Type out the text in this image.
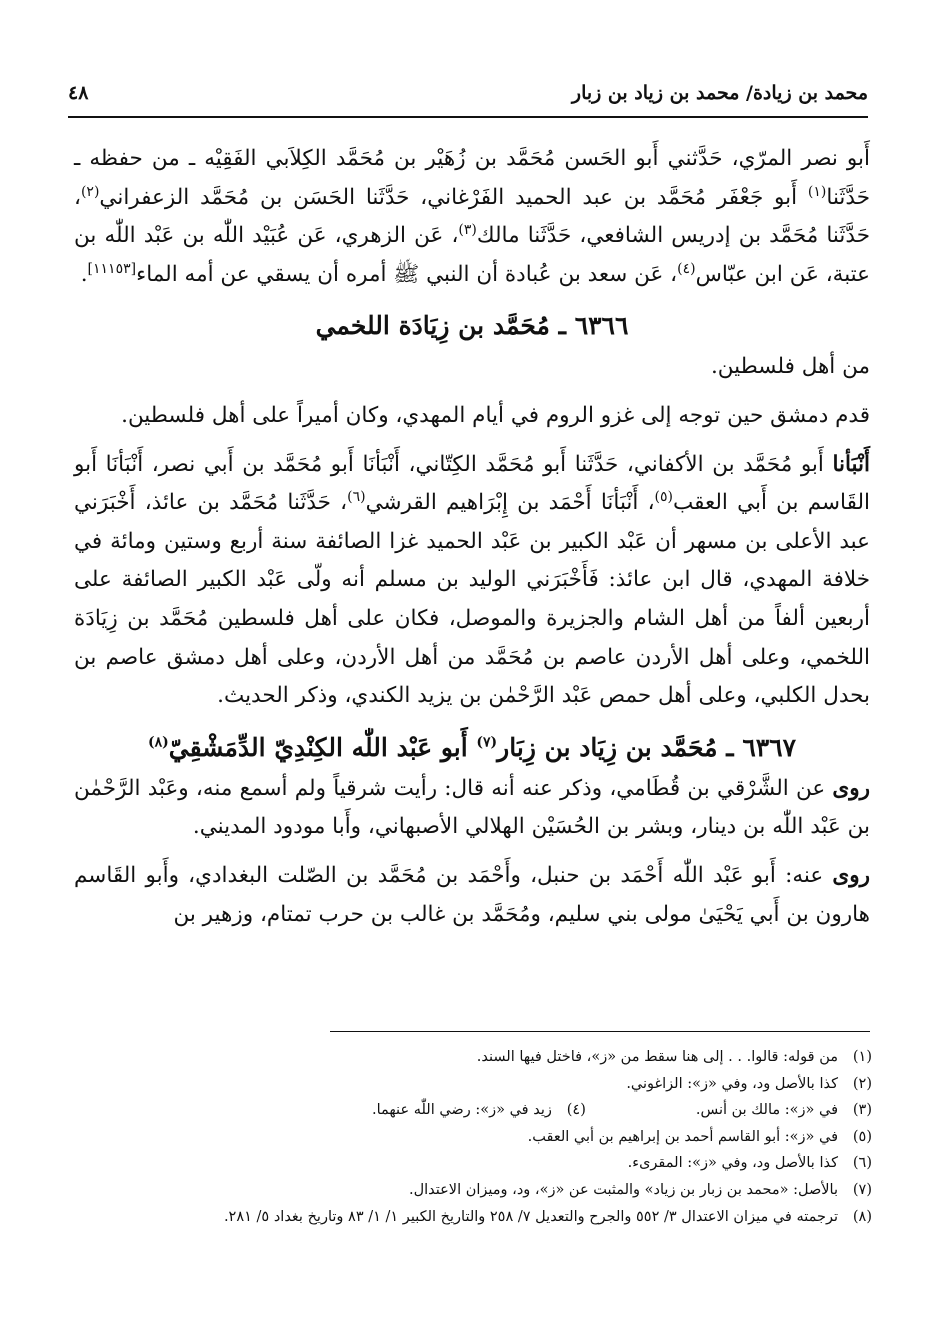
محمد بن زيادة/ محمد بن زياد بن زبار
٤٨

أَبو نصر المرّي، حَدَّثني أَبو الحَسن مُحَمَّد بن زُهَيْر بن مُحَمَّد الكِلاَبي الفَقِيْه ـ من حفظه ـ حَدَّثَنا$^{(١)}$ أَبو جَعْفَر مُحَمَّد بن عبد الحميد الفَرْغاني، حَدَّثَنا الحَسَن بن مُحَمَّد الزعفراني$^{(٢)}$، حَدَّثَنا مُحَمَّد بن إدريس الشافعي، حَدَّثَنا مالك$^{(٣)}$، عَن الزهري، عَن عُبَيْد اللّٰه بن عَبْد اللّٰه بن عتبة، عَن ابن عبّاس$^{(٤)}$، عَن سعد بن عُبادة أن النبي ﷺ أمره أن يسقي عن أمه الماء[١١١٥٣].

٦٣٦٦ ـ مُحَمَّد بن زِيَادَة اللخمي

من أهل فلسطين.

قدم دمشق حين توجه إلى غزو الروم في أيام المهدي، وكان أميراً على أهل فلسطين.

أَنْبَأنا أَبو مُحَمَّد بن الأكفاني، حَدَّثَنا أَبو مُحَمَّد الكِتّاني، أَنْبَأنَا أَبو مُحَمَّد بن أَبي نصر، أَنْبَأنَا أَبو القَاسم بن أَبي العقب$^{(٥)}$، أَنْبَأنَا أَحْمَد بن إِبْرَاهيم القرشي$^{(٦)}$، حَدَّثَنا مُحَمَّد بن عائذ، أَخْبَرَني عبد الأعلى بن مسهر أن عَبْد الكبير بن عَبْد الحميد غزا الصائفة سنة أربع وستين ومائة في خلافة المهدي، قال ابن عائذ: فَأَخْبَرَني الوليد بن مسلم أنه ولّى عَبْد الكبير الصائفة على أربعين ألفاً من أهل الشام والجزيرة والموصل، فكان على أهل فلسطين مُحَمَّد بن زِيَادَة اللخمي، وعلى أهل الأردن عاصم بن مُحَمَّد من أهل الأردن، وعلى أهل دمشق عاصم بن بحدل الكلبي، وعلى أهل حمص عَبْد الرَّحْمٰن بن يزيد الكندي، وذكر الحديث.

٦٣٦٧ ـ مُحَمَّد بن زِيَاد بن زِبَار$^{(٧)}$ أَبو عَبْد اللّٰه الكِنْدِيّ الدِّمَشْقِيّ$^{(٨)}$

روى عن الشَّرْقي بن قُطَامي، وذكر عنه أنه قال: رأيت شرقياً ولم أسمع منه، وعَبْد الرَّحْمٰن بن عَبْد اللّٰه بن دينار، وبشر بن الحُسَيْن الهلالي الأصبهاني، وأَبا مودود المديني.

روى عنه: أَبو عَبْد اللّٰه أَحْمَد بن حنبل، وأَحْمَد بن مُحَمَّد بن الصّلت البغدادي، وأَبو القَاسم هارون بن أَبي يَحْيَىٰ مولى بني سليم، ومُحَمَّد بن غالب بن حرب تمتام، وزهير بن

(١)
من قوله: قالوا. . . إلى هنا سقط من «ز»، فاختل فيها السند.
(٢)
كذا بالأصل ود، وفي «ز»: الزاغوني.
(٣)
في «ز»: مالك بن أنس.
(٤)
زيد في «ز»: رضي اللّٰه عنهما.
(٥)
في «ز»: أبو القاسم أحمد بن إبراهيم بن أبي العقب.
(٦)
كذا بالأصل ود، وفي «ز»: المقرىء.
(٧)
بالأصل: «محمد بن زبار بن زياد» والمثبت عن «ز»، ود، وميزان الاعتدال.
(٨)
ترجمته في ميزان الاعتدال ٣/ ٥٥٢ والجرح والتعديل ٧/ ٢٥٨ والتاريخ الكبير ١/ ١/ ٨٣ وتاريخ بغداد ٥/ ٢٨١.
